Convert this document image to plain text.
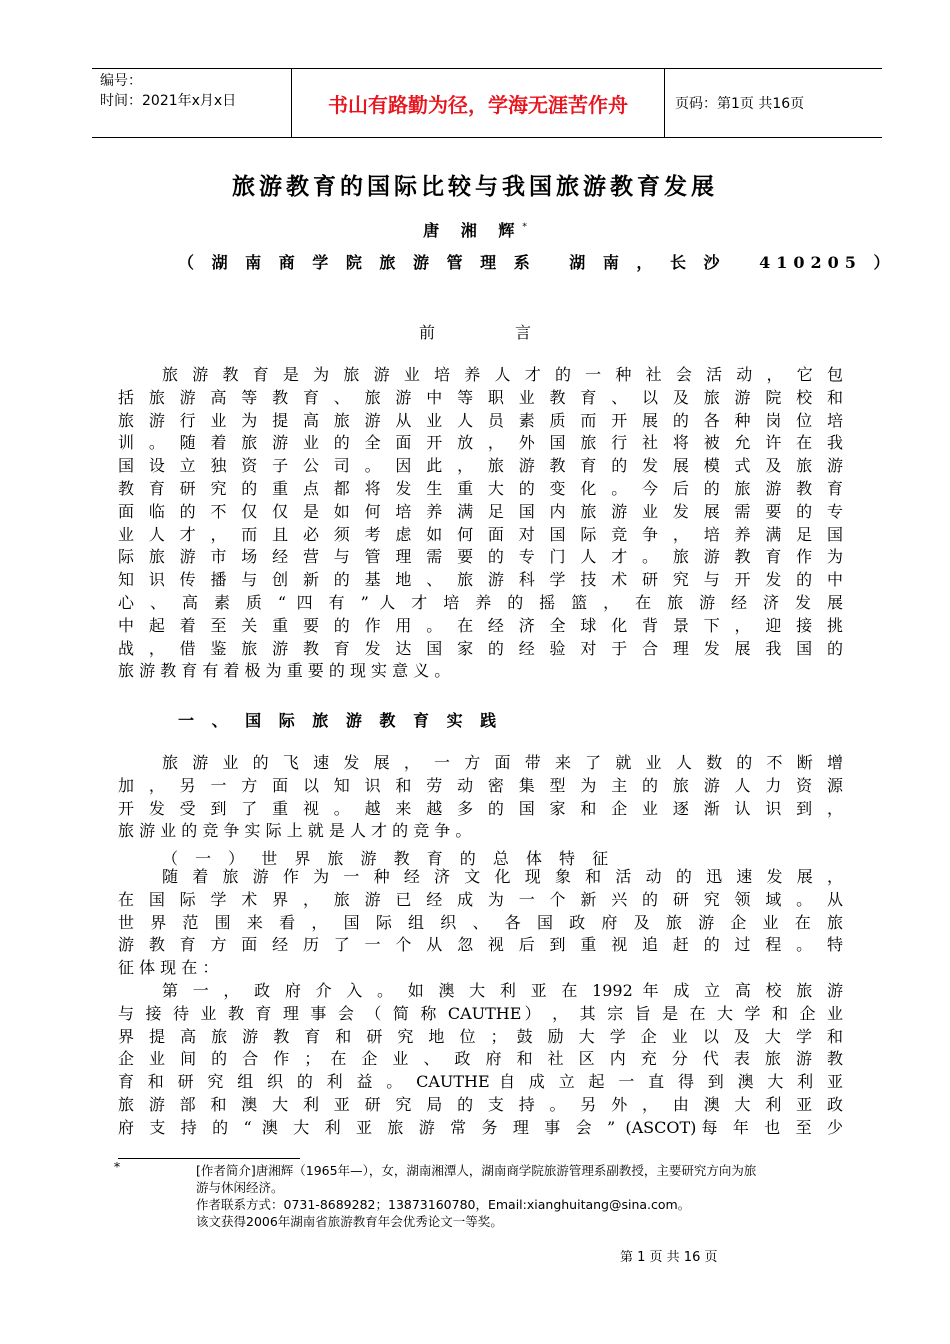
编号：
时间：2021年x月x日	书山有路勤为径，学海无涯苦作舟	页码：第1页 共16页
旅游教育的国际比较与我国旅游教育发展
唐 湘 辉*
（ 湖 南 商 学 院 旅 游 管 理 系　 湖 南 ， 长 沙　 410205 ）
前言
旅 游 教 育 是 为 旅 游 业 培 养 人 才 的 一 种 社 会 活 动 ， 它 包
括 旅 游 高 等 教 育 、 旅 游 中 等 职 业 教 育 、 以 及 旅 游 院 校 和
旅 游 行 业 为 提 高 旅 游 从 业 人 员 素 质 而 开 展 的 各 种 岗 位 培
训 。 随 着 旅 游 业 的 全 面 开 放 ， 外 国 旅 行 社 将 被 允 许 在 我
国 设 立 独 资 子 公 司 。 因 此 ， 旅 游 教 育 的 发 展 模 式 及 旅 游
教 育 研 究 的 重 点 都 将 发 生 重 大 的 变 化 。 今 后 的 旅 游 教 育
面 临 的 不 仅 仅 是 如 何 培 养 满 足 国 内 旅 游 业 发 展 需 要 的 专
业 人 才 ， 而 且 必 须 考 虑 如 何 面 对 国 际 竞 争 ， 培 养 满 足 国
际 旅 游 市 场 经 营 与 管 理 需 要 的 专 门 人 才 。 旅 游 教 育 作 为
知 识 传 播 与 创 新 的 基 地 、 旅 游 科 学 技 术 研 究 与 开 发 的 中
心 、 高 素 质 “ 四 有 ” 人 才 培 养 的 摇 篮 ， 在 旅 游 经 济 发 展
中 起 着 至 关 重 要 的 作 用 。 在 经 济 全 球 化 背 景 下 ， 迎 接 挑
战 ， 借 鉴 旅 游 教 育 发 达 国 家 的 经 验 对 于 合 理 发 展 我 国 的
旅 游 教 育 有 着 极 为 重 要 的 现 实 意 义 。
一 、 国 际 旅 游 教 育 实 践
旅 游 业 的 飞 速 发 展 ， 一 方 面 带 来 了 就 业 人 数 的 不 断 增
加 ， 另 一 方 面 以 知 识 和 劳 动 密 集 型 为 主 的 旅 游 人 力 资 源
开 发 受 到 了 重 视 。 越 来 越 多 的 国 家 和 企 业 逐 渐 认 识 到 ，
旅 游 业 的 竞 争 实 际 上 就 是 人 才 的 竞 争 。
（ 一 ） 世 界 旅 游 教 育 的 总 体 特 征
随 着 旅 游 作 为 一 种 经 济 文 化 现 象 和 活 动 的 迅 速 发 展 ，
在 国 际 学 术 界 ， 旅 游 已 经 成 为 一 个 新 兴 的 研 究 领 域 。 从
世 界 范 围 来 看 ， 国 际 组 织 、 各 国 政 府 及 旅 游 企 业 在 旅
游 教 育 方 面 经 历 了 一 个 从 忽 视 后 到 重 视 追 赶 的 过 程 。 特
征 体 现 在 ：
第 一 ， 政 府 介 入 。 如 澳 大 利 亚 在 1992 年 成 立 高 校 旅 游
与 接 待 业 教 育 理 事 会 （ 简 称 CAUTHE） ， 其 宗 旨 是 在 大 学 和 企 业
界 提 高 旅 游 教 育 和 研 究 地 位 ； 鼓 励 大 学 企 业 以 及 大 学 和
企 业 间 的 合 作 ； 在 企 业 、 政 府 和 社 区 内 充 分 代 表 旅 游 教
育 和 研 究 组 织 的 利 益 。 CAUTHE 自 成 立 起 一 直 得 到 澳 大 利 亚
旅 游 部 和 澳 大 利 亚 研 究 局 的 支 持 。 另 外 ， 由 澳 大 利 亚 政
府 支 持 的 “ 澳 大 利 亚 旅 游 常 务 理 事 会 ” (ASCOT)每 年 也 至 少
*	[作者简介]唐湘辉（1965年—），女，湖南湘潭人，湖南商学院旅游管理系副教授，主要研究方向为旅
游与休闲经济。
作者联系方式：0731-8689282；13873160780，Email:xianghuitang@sina.com。
该文获得2006年湖南省旅游教育年会优秀论文一等奖。
第 1 页 共 16 页
